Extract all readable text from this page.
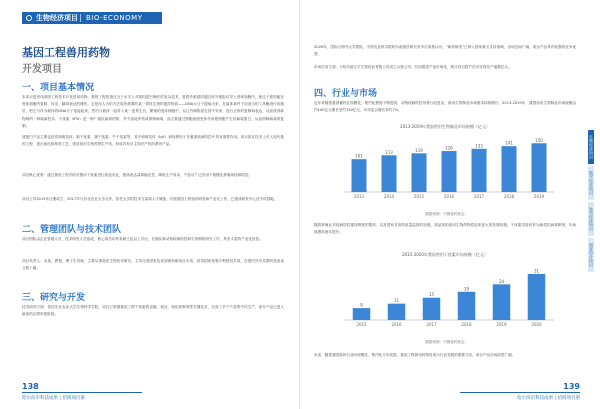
生物经济项目 BIO-ECONOMY
基因工程兽用药物
开发项目
一、项目基本情况
本项目是采用基因工程技术开发兽用药物。基因工程是指在分子水平上对基因进行操作的复杂技术，是将外源基因通过体外重组后导入受体细胞内，使这个基因能在受体细胞内复制、转录、翻译表达的操作。它是用人为的方法将所需要的某一供体生物的遗传物质——DNA大分子提取出来，在离体条件下用适当的工具酶进行切割后，把它与作为载体的DNA分子连接起来，然后与载体一起导入某一更易生长、繁殖的受体细胞中，以让外源物质在其中安家，进行正常的复制和表达，从而获得新物种的一种崭新技术。干扰素（IFN）是一种广谱抗病毒药物，并不直接杀伤或抑制病毒，而主要通过细胞表面受体作用使细胞产生抗病毒蛋白，从而抑制病毒的复制。
球蛋白产品主要包括鸡卵黄抗体、狗干扰素、猪干扰素、牛干扰素等，其中卵黄抗体（IgY）和转移因子在畜禽疾病防控中具有重要作用。项目拟在技术上引入现代基因工程、蛋白纯化和制剂工艺，建设兽用生物药物生产线，形成具有自主知识产权的系列产品。
项目核心优势：通过基因工程手段对猪用干扰素进行改造优化，提高表达量和稳定性，降低生产成本，产品可广泛应用于规模化养殖场疫病防控。
项目公司2015年注册成立，2017年与东北农业大学合作，依托大学的技术力量和人才储备，开展基因工程兽药研发和产业化工作，已建成研发中心及中试基地。
二、管理团队与技术团队
项目团队由企业管理人员、技术研发人员组成，核心成员均具有硕士及以上学历，长期从事动物疫病防控和生物制药研究工作，具有丰富的产业化经验。
项目负责人：吴某，教授，博士生导师，主要从事兽医生物技术研究，主持完成国家及省部级科研项目多项，获得国家发明专利授权多项，在国内外学术期刊发表论文数十篇。
三、研究与开发
技术研发方面：依托东北农业大学生物科学学院，项目已掌握基因工程干扰素的克隆、表达、纯化和制剂等关键技术，完成了多个产品的中试生产，部分产品已进入新兽药注册申报阶段。
138
哈尔滨市科技成果 | 招商项目册
2020年，国际与海外大学团队，中国农业科学院哈尔滨兽医研究所多次高度认可，“新药研发”已纳入国家重点支持领域，市场空间广阔，项目产品具有较强的竞争优势。
市场应用方面：与哈尔滨元宇生物药业有限公司成立合资公司，共同推进产品市场化，预计项目投产后可实现年产值数亿元。
四、行业与市场
近年来随着我国畜牧业规模化、集约化程度不断提高，动物疫病防控形势日趋复杂，兽用生物制品市场需求持续增长。2013-2019年，我国兽用生物制品市场规模由约100亿元增长至约150亿元，年均复合增长率约7%。
2013-2019年我国兽用生物制品市场规模（亿元）
101
2013
113
2014
119
2015
126
2016
133
2017
141
2018
150
2019
数据来源：中国兽药协会
随着养殖业对疫病防控重视程度的提高，以及国家对兽药质量监管的加强，高品质的兽用生物药物将迎来更大的发展机遇。干扰素类兽药作为新型抗病毒制剂，市场渗透率逐年提升。
2015-2020年我国兽用干扰素市场规模（亿元）
8
2015
11
2016
15
2017
19
2018
24
2019
31
2020
数据来源：中国兽药协会
未来，随着我国兽药行业向规模化、集约化方向发展，基因工程兽用药物将成为行业发展的重要方向，项目产品市场前景广阔。
生物经济项目
数字经济项目
冰雪经济项目
创意设计项目
139
哈尔滨市科技成果 | 招商项目册
